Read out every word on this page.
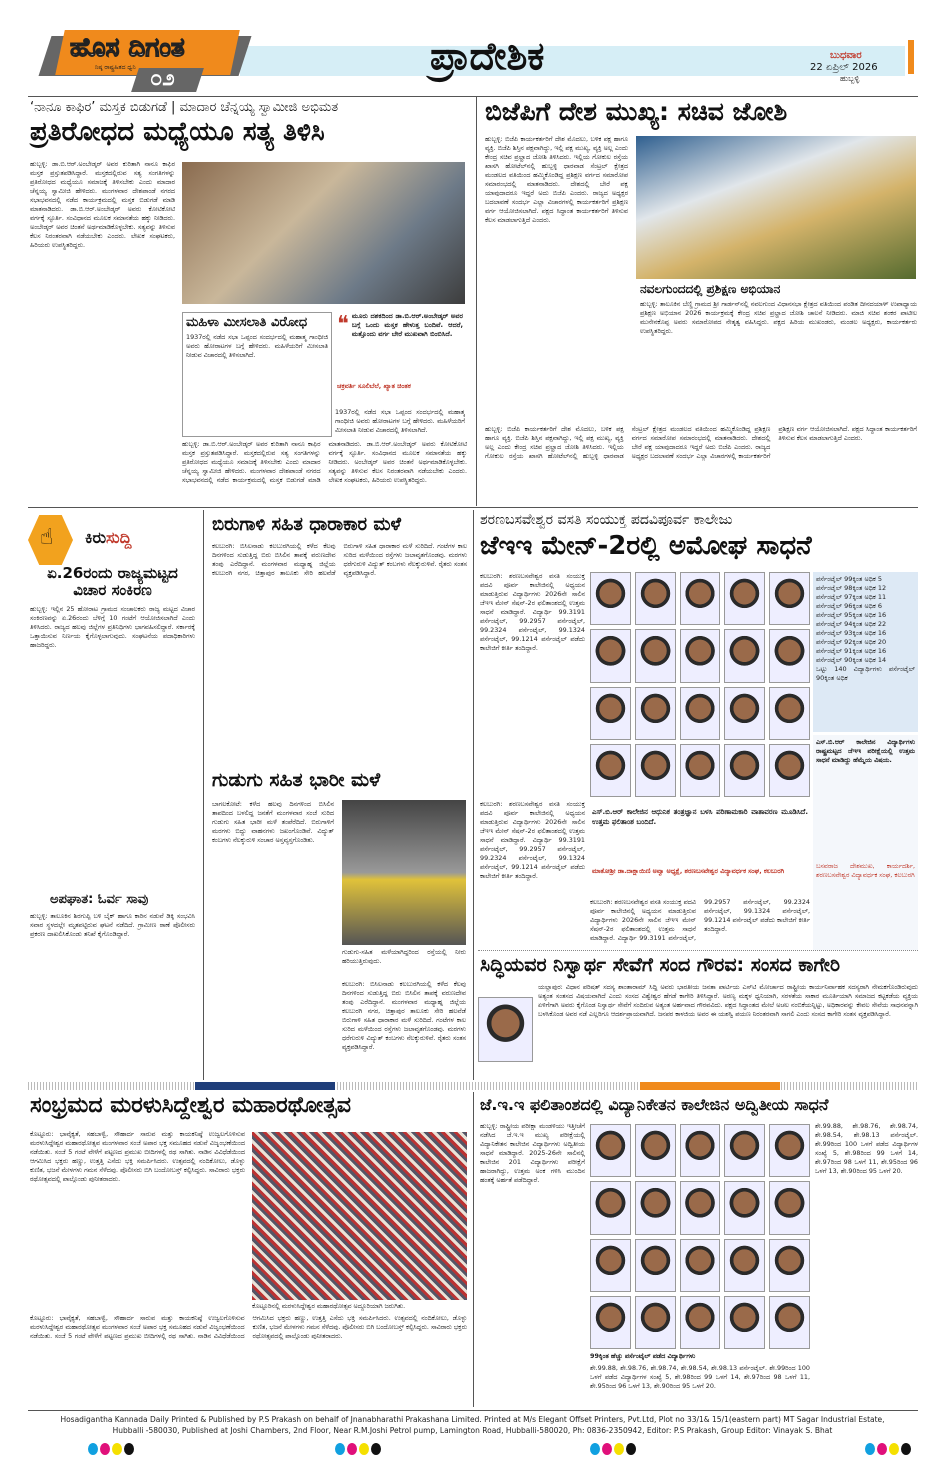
ಹೊಸ ದಿಗಂತ
ನಿಷ್ಠ ರಾಷ್ಟ್ರಹಿತದ ಧ್ವನಿ ೦೨
ಪ್ರಾದೇಶಿಕ	ಬುಧವಾರ
22 ಏಪ್ರಿಲ್ 2026
ಹುಬ್ಬಳ್ಳಿ
‘ನಾನೂ ಕಾಫಿರ’ ಮಸ್ತಕ ಬಿಡುಗಡೆ | ಮಾದಾರ ಚೆನ್ನಯ್ಯ ಸ್ವಾಮೀಜಿ ಅಭಿಮತ
ಪ್ರತಿರೋಧದ ಮಧ್ಯೆಯೂ ಸತ್ಯ ತಿಳಿಸಿ
ಹುಬ್ಬಳ್ಳಿ: ಡಾ.ಬಿ.ಆರ್.ಅಂಬೇಡ್ಕರ್ ಅವರ ಕುರಿತಾಗಿ ನಾನೂ ಕಾಫಿರ ಮಸ್ತಕ ಪ್ರಸ್ತುತಪಡಿಸಿದ್ದಾರೆ. ಮಸ್ತಕದಲ್ಲಿರುವ ಸತ್ಯ ಸಂಗತಿಗಳನ್ನು ಪ್ರತಿರೋಧದ ಮಧ್ಯೆಯೂ ಸಮಾಜಕ್ಕೆ ತಿಳಿಸಬೇಕು ಎಂದು ಮಾದಾರ ಚೆನ್ನಯ್ಯ ಸ್ವಾಮೀಜಿ ಹೇಳಿದರು. ಮಂಗಳವಾರ ದೇಶಪಾಂಡೆ ನಗರದ ಸಭಾಭವನದಲ್ಲಿ ನಡೆದ ಕಾರ್ಯಕ್ರಮದಲ್ಲಿ ಮಸ್ತಕ ಬಿಡುಗಡೆ ಮಾಡಿ ಮಾತನಾಡಿದರು. ಡಾ.ಬಿ.ಆರ್.ಅಂಬೇಡ್ಕರ್ ಅವರು ಕೋಟಿಕೋಟಿ ವರ್ಗಕ್ಕೆ ಸ್ಫೂರ್ತಿ. ಸಂವಿಧಾನದ ಮೂಲಕ ಸಮಾನತೆಯ ಹಕ್ಕು ನೀಡಿದರು. ಅಂಬೇಡ್ಕರ್ ಅವರ ಚಿಂತನೆ ಅರ್ಥಮಾಡಿಕೊಳ್ಳಬೇಕು. ಸತ್ಯವನ್ನು ತಿಳಿಸುವ ಕೆಲಸ ನಿರಂತರವಾಗಿ ನಡೆಯಬೇಕು ಎಂದರು. ಲೇಖಕ ಸಂಘಟಕರು, ಹಿರಿಯರು ಉಪಸ್ಥಿತರಿದ್ದರು.
ಮಹಿಳಾ ಮೀಸಲಾತಿ ವಿರೋಧ
1937ರಲ್ಲಿ ನಡೆದ ಸಭಾ ಒಪ್ಪಂದ ಸಂದರ್ಭದಲ್ಲಿ ಮಹಾತ್ಮ ಗಾಂಧೀಜಿ ಅವರು ಹೋರಾಟಗಳ ಬಗ್ಗೆ ಹೇಳಿದರು. ಮಹಿಳೆಯರಿಗೆ ಮೀಸಲಾತಿ ನೀಡುವ ವಿಚಾರದಲ್ಲಿ ತಿಳಿಸಲಾಗಿದೆ.
❝ ಮೂರು ದಶಕದಿಂದ ಡಾ.ಬಿ.ಆರ್.ಅಂಬೇಡ್ಕರ್ ಅವರ ಬಗ್ಗೆ ಒಂದು ಮಸ್ತಕ ಹೇಳುತ್ತ ಬಂದಿವೆ. ಆದರೆ, ಮತ್ತೊಂದು ವರ್ಗ ಬೇರೆ ಮುಖವಾಗಿ ಬಿಂಬಿಸಿದೆ.
ಚಕ್ರವರ್ತಿ ಸೂಲಿಬೆಲೆ, ಖ್ಯಾತ ಚಿಂತಕ
ಹುಬ್ಬಳ್ಳಿ: ಡಾ.ಬಿ.ಆರ್.ಅಂಬೇಡ್ಕರ್ ಅವರ ಕುರಿತಾಗಿ ನಾನೂ ಕಾಫಿರ ಮಸ್ತಕ ಪ್ರಸ್ತುತಪಡಿಸಿದ್ದಾರೆ. ಮಸ್ತಕದಲ್ಲಿರುವ ಸತ್ಯ ಸಂಗತಿಗಳನ್ನು ಪ್ರತಿರೋಧದ ಮಧ್ಯೆಯೂ ಸಮಾಜಕ್ಕೆ ತಿಳಿಸಬೇಕು ಎಂದು ಮಾದಾರ ಚೆನ್ನಯ್ಯ ಸ್ವಾಮೀಜಿ ಹೇಳಿದರು. ಮಂಗಳವಾರ ದೇಶಪಾಂಡೆ ನಗರದ ಸಭಾಭವನದಲ್ಲಿ ನಡೆದ ಕಾರ್ಯಕ್ರಮದಲ್ಲಿ ಮಸ್ತಕ ಬಿಡುಗಡೆ ಮಾಡಿ ಮಾತನಾಡಿದರು. ಡಾ.ಬಿ.ಆರ್.ಅಂಬೇಡ್ಕರ್ ಅವರು ಕೋಟಿಕೋಟಿ ವರ್ಗಕ್ಕೆ ಸ್ಫೂರ್ತಿ. ಸಂವಿಧಾನದ ಮೂಲಕ ಸಮಾನತೆಯ ಹಕ್ಕು ನೀಡಿದರು. ಅಂಬೇಡ್ಕರ್ ಅವರ ಚಿಂತನೆ ಅರ್ಥಮಾಡಿಕೊಳ್ಳಬೇಕು. ಸತ್ಯವನ್ನು ತಿಳಿಸುವ ಕೆಲಸ ನಿರಂತರವಾಗಿ ನಡೆಯಬೇಕು ಎಂದರು. ಲೇಖಕ ಸಂಘಟಕರು, ಹಿರಿಯರು ಉಪಸ್ಥಿತರಿದ್ದರು.
1937ರಲ್ಲಿ ನಡೆದ ಸಭಾ ಒಪ್ಪಂದ ಸಂದರ್ಭದಲ್ಲಿ ಮಹಾತ್ಮ ಗಾಂಧೀಜಿ ಅವರು ಹೋರಾಟಗಳ ಬಗ್ಗೆ ಹೇಳಿದರು. ಮಹಿಳೆಯರಿಗೆ ಮೀಸಲಾತಿ ನೀಡುವ ವಿಚಾರದಲ್ಲಿ ತಿಳಿಸಲಾಗಿದೆ.
ಬಿಜೆಪಿಗೆ ದೇಶ ಮುಖ್ಯ: ಸಚಿವ ಜೋಶಿ
ಹುಬ್ಬಳ್ಳಿ: ಬಿಜೆಪಿ ಕಾರ್ಯಕರ್ತರಿಗೆ ದೇಶ ಮೊದಲು, ಬಳಿಕ ಪಕ್ಷ ಹಾಗೂ ವ್ಯಕ್ತಿ. ಬಿಜೆಪಿ ಶಿಸ್ತಿನ ಪಕ್ಷವಾಗಿದ್ದು, ಇಲ್ಲಿ ಪಕ್ಷ ಮುಖ್ಯ, ವ್ಯಕ್ತಿ ಅಲ್ಲ ಎಂದು ಕೇಂದ್ರ ಸಚಿವ ಪ್ರಲ್ಹಾದ ಜೋಶಿ ತಿಳಿಸಿದರು. ಇಲ್ಲಿಯ ಗೋಕುಲ ರಸ್ತೆಯ ಖಾಸಗಿ ಹೋಟೆಲ್‌ನಲ್ಲಿ ಹುಬ್ಬಳ್ಳಿ ಧಾರವಾಡ ಸೆಂಟ್ರಲ್ ಕ್ಷೇತ್ರದ ಮಂಡಲದ ವತಿಯಿಂದ ಹಮ್ಮಿಕೊಂಡಿದ್ದ ಪ್ರಶಿಕ್ಷಣ ವರ್ಗದ ಸಮಾರೋಪ ಸಮಾರಂಭದಲ್ಲಿ ಮಾತನಾಡಿದರು. ದೇಶದಲ್ಲಿ ಬೇರೆ ಪಕ್ಷ ಯಾವುದಾದರೂ ಇದ್ದರೆ ಅದು ಬಿಜೆಪಿ ಎಂದರು. ರಾಜ್ಯದ ಅಧ್ಯಕ್ಷರ ಬದಲಾವಣೆ ಸಂದರ್ಭ ಎಲ್ಲಾ ವಿಚಾರಗಳಲ್ಲಿ ಕಾರ್ಯಕರ್ತರಿಗೆ ಪ್ರಶಿಕ್ಷಣ ವರ್ಗ ಆಯೋಜಿಸಲಾಗಿದೆ. ಪಕ್ಷದ ಸಿದ್ಧಾಂತ ಕಾರ್ಯಕರ್ತರಿಗೆ ತಿಳಿಸುವ ಕೆಲಸ ಮಾಡಲಾಗುತ್ತಿದೆ ಎಂದರು.
ನವಲಗುಂದದಲ್ಲಿ ಪ್ರಶಿಕ್ಷಣ ಅಭಿಯಾನ
ಹುಬ್ಬಳ್ಳಿ: ತಾಲೂಕಿನ ಬೆಣ್ಣಿ ಗ್ರಾಮದ ಶ್ರೀ ಗಾರ್ಡನ್‌ನಲ್ಲಿ ನವಲಗುಂದ ವಿಧಾನಸಭಾ ಕ್ಷೇತ್ರದ ವತಿಯಿಂದ ಪಂಡಿತ ದೀನದಯಾಳ್ ಉಪಾಧ್ಯಾಯ ಪ್ರಶಿಕ್ಷಣ ಅಭಿಯಾನ 2026 ಕಾರ್ಯಕ್ರಮಕ್ಕೆ ಕೇಂದ್ರ ಸಚಿವ ಪ್ರಲ್ಹಾದ ಜೋಶಿ ಚಾಲನೆ ನೀಡಿದರು. ಮಾಜಿ ಸಚಿವ ಶಂಕರ ಪಾಟೀಲ ಮುನೇನಕೊಪ್ಪ ಅವರು ಸಮಾರೋಪದ ನೇತೃತ್ವ ವಹಿಸಿದ್ದರು. ಪಕ್ಷದ ಹಿರಿಯ ಮುಖಂಡರು, ಮಂಡಲ ಅಧ್ಯಕ್ಷರು, ಕಾರ್ಯಕರ್ತರು ಉಪಸ್ಥಿತರಿದ್ದರು.
ಹುಬ್ಬಳ್ಳಿ: ಬಿಜೆಪಿ ಕಾರ್ಯಕರ್ತರಿಗೆ ದೇಶ ಮೊದಲು, ಬಳಿಕ ಪಕ್ಷ ಹಾಗೂ ವ್ಯಕ್ತಿ. ಬಿಜೆಪಿ ಶಿಸ್ತಿನ ಪಕ್ಷವಾಗಿದ್ದು, ಇಲ್ಲಿ ಪಕ್ಷ ಮುಖ್ಯ, ವ್ಯಕ್ತಿ ಅಲ್ಲ ಎಂದು ಕೇಂದ್ರ ಸಚಿವ ಪ್ರಲ್ಹಾದ ಜೋಶಿ ತಿಳಿಸಿದರು. ಇಲ್ಲಿಯ ಗೋಕುಲ ರಸ್ತೆಯ ಖಾಸಗಿ ಹೋಟೆಲ್‌ನಲ್ಲಿ ಹುಬ್ಬಳ್ಳಿ ಧಾರವಾಡ ಸೆಂಟ್ರಲ್ ಕ್ಷೇತ್ರದ ಮಂಡಲದ ವತಿಯಿಂದ ಹಮ್ಮಿಕೊಂಡಿದ್ದ ಪ್ರಶಿಕ್ಷಣ ವರ್ಗದ ಸಮಾರೋಪ ಸಮಾರಂಭದಲ್ಲಿ ಮಾತನಾಡಿದರು. ದೇಶದಲ್ಲಿ ಬೇರೆ ಪಕ್ಷ ಯಾವುದಾದರೂ ಇದ್ದರೆ ಅದು ಬಿಜೆಪಿ ಎಂದರು. ರಾಜ್ಯದ ಅಧ್ಯಕ್ಷರ ಬದಲಾವಣೆ ಸಂದರ್ಭ ಎಲ್ಲಾ ವಿಚಾರಗಳಲ್ಲಿ ಕಾರ್ಯಕರ್ತರಿಗೆ ಪ್ರಶಿಕ್ಷಣ ವರ್ಗ ಆಯೋಜಿಸಲಾಗಿದೆ. ಪಕ್ಷದ ಸಿದ್ಧಾಂತ ಕಾರ್ಯಕರ್ತರಿಗೆ ತಿಳಿಸುವ ಕೆಲಸ ಮಾಡಲಾಗುತ್ತಿದೆ ಎಂದರು.
☝ ಕಿರುಸುದ್ದಿ
ಏ.26ರಂದು ರಾಜ್ಯಮಟ್ಟದ ವಿಚಾರ ಸಂಕಿರಣ
ಹುಬ್ಬಳ್ಳಿ: ಇಲ್ಲಿನ 25 ಹೋರಾಟ ಗ್ರಾಮದ ಸಂಚಾಲಕರು ರಾಜ್ಯ ಮಟ್ಟದ ವಿಚಾರ ಸಂಕಿರಣವನ್ನು ಏ.26ರಂದು ಬೆಳಿಗ್ಗೆ 10 ಗಂಟೆಗೆ ಆಯೋಜಿಸಲಾಗಿದೆ ಎಂದು ತಿಳಿಸಿದರು. ರಾಜ್ಯದ ಹಲವು ಜಿಲ್ಲೆಗಳ ಪ್ರತಿನಿಧಿಗಳು ಭಾಗವಹಿಸಲಿದ್ದಾರೆ. ಸರ್ಕಾರಕ್ಕೆ ಒತ್ತಾಯಿಸುವ ನಿರ್ಣಯ ಕೈಗೊಳ್ಳಲಾಗುವುದು. ಸಂಘಟನೆಯ ಪದಾಧಿಕಾರಿಗಳು ಹಾಜರಿದ್ದರು.
ಅಪಘಾತ: ಓರ್ವ ಸಾವು
ಹುಬ್ಬಳ್ಳಿ: ತಾಲೂಕಿನ ಶಿರಗುಪ್ಪಿ ಬಳಿ ಬೈಕ್ ಹಾಗೂ ಕಾರಿನ ನಡುವೆ ಡಿಕ್ಕಿ ಸಂಭವಿಸಿ ಸವಾರ ಸ್ಥಳದಲ್ಲೇ ಮೃತಪಟ್ಟಿರುವ ಘಟನೆ ನಡೆದಿದೆ. ಗ್ರಾಮೀಣ ಠಾಣೆ ಪೊಲೀಸರು ಪ್ರಕರಣ ದಾಖಲಿಸಿಕೊಂಡು ತನಿಖೆ ಕೈಗೊಂಡಿದ್ದಾರೆ.
ಬಿರುಗಾಳಿ ಸಹಿತ ಧಾರಾಕಾರ ಮಳೆ
ಕಲಬುರಗಿ: ಬಿಸಿಲನಾಡು ಕಲಬುರಗಿಯಲ್ಲಿ ಕಳೆದ ಕೆಲವು ದಿನಗಳಿಂದ ಸುಡುತ್ತಿದ್ದ ಬಿರು ಬಿಸಿಲಿನ ತಾಪಕ್ಕೆ ವರುಣದೇವ ತಂಪು ಎರೆದಿದ್ದಾನೆ. ಮಂಗಳವಾರ ಮಧ್ಯಾಹ್ನ ಜಿಲ್ಲೆಯ ಕಲಬುರಗಿ ನಗರ, ಚಿತ್ತಾಪುರ ತಾಲೂಕು ಸೇರಿ ಹಲವೆಡೆ ಬಿರುಗಾಳಿ ಸಹಿತ ಧಾರಾಕಾರ ಮಳೆ ಸುರಿದಿದೆ. ಗಂಟೆಗಳ ಕಾಲ ಸುರಿದ ಮಳೆಯಿಂದ ರಸ್ತೆಗಳು ಜಲಾವೃತಗೊಂಡವು. ಮರಗಳು ಧರೆಗುರುಳಿ ವಿದ್ಯುತ್ ಕಂಬಗಳು ನೆಲಕ್ಕುರುಳಿವೆ. ರೈತರು ಸಂತಸ ವ್ಯಕ್ತಪಡಿಸಿದ್ದಾರೆ.
ಗುಡುಗು ಸಹಿತ ಭಾರೀ ಮಳೆ
ಬಾಗಲಕೋಟೆ: ಕಳೆದ ಹಲವು ದಿನಗಳಿಂದ ಬಿಸಿಲಿನ ತಾಪದಿಂದ ಬಳಲಿದ್ದ ಜನತೆಗೆ ಮಂಗಳವಾರ ಸಂಜೆ ಸುರಿದ ಗುಡುಗು ಸಹಿತ ಭಾರೀ ಮಳೆ ತಂಪೆರೆದಿದೆ. ಬಿರುಗಾಳಿಗೆ ಮರಗಳು ಬಿದ್ದು ವಾಹನಗಳು ಜಖಂಗೊಂಡಿವೆ. ವಿದ್ಯುತ್ ಕಂಬಗಳು ನೆಲಕ್ಕುರುಳಿ ಸಂಚಾರ ಅಸ್ತವ್ಯಸ್ತಗೊಂಡಿತು.
ಗುಡುಗು-ಸಹಿತ ಮಳೆಯಾಗಿದ್ದರಿಂದ ರಸ್ತೆಯಲ್ಲಿ ನೀರು ಹರಿಯುತ್ತಿರುವುದು.
ಕಲಬುರಗಿ: ಬಿಸಿಲನಾಡು ಕಲಬುರಗಿಯಲ್ಲಿ ಕಳೆದ ಕೆಲವು ದಿನಗಳಿಂದ ಸುಡುತ್ತಿದ್ದ ಬಿರು ಬಿಸಿಲಿನ ತಾಪಕ್ಕೆ ವರುಣದೇವ ತಂಪು ಎರೆದಿದ್ದಾನೆ. ಮಂಗಳವಾರ ಮಧ್ಯಾಹ್ನ ಜಿಲ್ಲೆಯ ಕಲಬುರಗಿ ನಗರ, ಚಿತ್ತಾಪುರ ತಾಲೂಕು ಸೇರಿ ಹಲವೆಡೆ ಬಿರುಗಾಳಿ ಸಹಿತ ಧಾರಾಕಾರ ಮಳೆ ಸುರಿದಿದೆ. ಗಂಟೆಗಳ ಕಾಲ ಸುರಿದ ಮಳೆಯಿಂದ ರಸ್ತೆಗಳು ಜಲಾವೃತಗೊಂಡವು. ಮರಗಳು ಧರೆಗುರುಳಿ ವಿದ್ಯುತ್ ಕಂಬಗಳು ನೆಲಕ್ಕುರುಳಿವೆ. ರೈತರು ಸಂತಸ ವ್ಯಕ್ತಪಡಿಸಿದ್ದಾರೆ.
ಶರಣಬಸವೇಶ್ವರ ವಸತಿ ಸಂಯುಕ್ತ ಪದವಿಪೂರ್ವ ಕಾಲೇಜು
ಜೆಇಇ ಮೇನ್-2ರಲ್ಲಿ ಅಮೋಘ ಸಾಧನೆ
ಕಲಬುರಗಿ: ಶರಣಬಸವೇಶ್ವರ ವಸತಿ ಸಂಯುಕ್ತ ಪದವಿ ಪೂರ್ವ ಕಾಲೇಜಿನಲ್ಲಿ ಅಧ್ಯಯನ ಮಾಡುತ್ತಿರುವ ವಿದ್ಯಾರ್ಥಿಗಳು 2026ನೇ ಸಾಲಿನ ಜೆಇಇ ಮೇನ್ ಸೆಷನ್-2ರ ಫಲಿತಾಂಶದಲ್ಲಿ ಉತ್ತಮ ಸಾಧನೆ ಮಾಡಿದ್ದಾರೆ. ವಿದ್ಯಾರ್ಥಿ 99.3191 ಪರ್ಸೆಂಟೈಲ್, 99.2957 ಪರ್ಸೆಂಟೈಲ್, 99.2324 ಪರ್ಸೆಂಟೈಲ್, 99.1324 ಪರ್ಸೆಂಟೈಲ್, 99.1214 ಪರ್ಸೆಂಟೈಲ್ ಪಡೆದು ಕಾಲೇಜಿಗೆ ಕೀರ್ತಿ ತಂದಿದ್ದಾರೆ.
ಪರ್ಸೆಂಟೈಲ್ 99ಕ್ಕಿಂತ ಅಧಿಕ 5
ಪರ್ಸೆಂಟೈಲ್ 98ಕ್ಕಿಂತ ಅಧಿಕ 12
ಪರ್ಸೆಂಟೈಲ್ 97ಕ್ಕಿಂತ ಅಧಿಕ 11
ಪರ್ಸೆಂಟೈಲ್ 96ಕ್ಕಿಂತ ಅಧಿಕ 6
ಪರ್ಸೆಂಟೈಲ್ 95ಕ್ಕಿಂತ ಅಧಿಕ 16
ಪರ್ಸೆಂಟೈಲ್ 94ಕ್ಕಿಂತ ಅಧಿಕ 22
ಪರ್ಸೆಂಟೈಲ್ 93ಕ್ಕಿಂತ ಅಧಿಕ 16
ಪರ್ಸೆಂಟೈಲ್ 92ಕ್ಕಿಂತ ಅಧಿಕ 20
ಪರ್ಸೆಂಟೈಲ್ 91ಕ್ಕಿಂತ ಅಧಿಕ 16
ಪರ್ಸೆಂಟೈಲ್ 90ಕ್ಕಿಂತ ಅಧಿಕ 14
ಒಟ್ಟು 140 ವಿದ್ಯಾರ್ಥಿಗಳು ಪರ್ಸೆಂಟೈಲ್ 90ಕ್ಕಿಂತ ಅಧಿಕ
ಎಸ್.ಬಿ.ಆರ್ ಕಾಲೇಜಿನ ವಿದ್ಯಾರ್ಥಿಗಳು ರಾಷ್ಟ್ರಮಟ್ಟದ ಜೆಇಇ ಪರೀಕ್ಷೆಯಲ್ಲಿ ಉತ್ತಮ ಸಾಧನೆ ಮಾಡಿದ್ದು ಹೆಮ್ಮೆಯ ವಿಷಯ.
ಬಸವರಾಜ ದೇಶಮುಖ, ಕಾರ್ಯದರ್ಶಿ, ಶರಣಬಸವೇಶ್ವರ ವಿದ್ಯಾವರ್ಧಕ ಸಂಘ, ಕಲಬುರಗಿ
ಎಸ್.ಬಿ.ಆರ್ ಕಾಲೇಜಿನ ಆಧುನಿಕ ತಂತ್ರಜ್ಞಾನ ಬಳಸಿ ಪರಿಣಾಮಕಾರಿ ವಾತಾವರಣ ಮೂಡಿಸಿದೆ. ಉತ್ತಮ ಫಲಿತಾಂಶ ಬಂದಿದೆ.
ಮಾತೋಶ್ರೀ ಡಾ.ದಾಕ್ಷಾಯಿಣಿ ಅವ್ವಾ ಅಧ್ಯಕ್ಷೆ, ಶರಣಬಸವೇಶ್ವರ ವಿದ್ಯಾವರ್ಧಕ ಸಂಘ, ಕಲಬುರಗಿ
ಕಲಬುರಗಿ: ಶರಣಬಸವೇಶ್ವರ ವಸತಿ ಸಂಯುಕ್ತ ಪದವಿ ಪೂರ್ವ ಕಾಲೇಜಿನಲ್ಲಿ ಅಧ್ಯಯನ ಮಾಡುತ್ತಿರುವ ವಿದ್ಯಾರ್ಥಿಗಳು 2026ನೇ ಸಾಲಿನ ಜೆಇಇ ಮೇನ್ ಸೆಷನ್-2ರ ಫಲಿತಾಂಶದಲ್ಲಿ ಉತ್ತಮ ಸಾಧನೆ ಮಾಡಿದ್ದಾರೆ. ವಿದ್ಯಾರ್ಥಿ 99.3191 ಪರ್ಸೆಂಟೈಲ್, 99.2957 ಪರ್ಸೆಂಟೈಲ್, 99.2324 ಪರ್ಸೆಂಟೈಲ್, 99.1324 ಪರ್ಸೆಂಟೈಲ್, 99.1214 ಪರ್ಸೆಂಟೈಲ್ ಪಡೆದು ಕಾಲೇಜಿಗೆ ಕೀರ್ತಿ ತಂದಿದ್ದಾರೆ.
ಕಲಬುರಗಿ: ಶರಣಬಸವೇಶ್ವರ ವಸತಿ ಸಂಯುಕ್ತ ಪದವಿ ಪೂರ್ವ ಕಾಲೇಜಿನಲ್ಲಿ ಅಧ್ಯಯನ ಮಾಡುತ್ತಿರುವ ವಿದ್ಯಾರ್ಥಿಗಳು 2026ನೇ ಸಾಲಿನ ಜೆಇಇ ಮೇನ್ ಸೆಷನ್-2ರ ಫಲಿತಾಂಶದಲ್ಲಿ ಉತ್ತಮ ಸಾಧನೆ ಮಾಡಿದ್ದಾರೆ. ವಿದ್ಯಾರ್ಥಿ 99.3191 ಪರ್ಸೆಂಟೈಲ್, 99.2957 ಪರ್ಸೆಂಟೈಲ್, 99.2324 ಪರ್ಸೆಂಟೈಲ್, 99.1324 ಪರ್ಸೆಂಟೈಲ್, 99.1214 ಪರ್ಸೆಂಟೈಲ್ ಪಡೆದು ಕಾಲೇಜಿಗೆ ಕೀರ್ತಿ ತಂದಿದ್ದಾರೆ.
ಸಿದ್ಧಿಯವರ ನಿಸ್ವಾರ್ಥ ಸೇವೆಗೆ ಸಂದ ಗೌರವ: ಸಂಸದ ಕಾಗೇರಿ
ಯಲ್ಲಾಪುರ: ವಿಧಾನ ಪರಿಷತ್ ಸದಸ್ಯ ಶಾಂತಾರಾಮ್ ಸಿದ್ದಿ ಅವರು ಭಾರತೀಯ ಜನತಾ ಪಾರ್ಟಿಯ ಎಸ್‌ಟಿ ಮೋರ್ಚಾದ ರಾಷ್ಟ್ರೀಯ ಕಾರ್ಯನಿರ್ವಾಹಕ ಸದಸ್ಯರಾಗಿ ನೇಮಕಗೊಂಡಿರುವುದು ಅತ್ಯಂತ ಸಂತಸದ ವಿಷಯವಾಗಿದೆ ಎಂದು ಸಂಸದ ವಿಶ್ವೇಶ್ವರ ಹೆಗಡೆ ಕಾಗೇರಿ ತಿಳಿಸಿದ್ದಾರೆ. ಅರಣ್ಯ ಮಕ್ಕಳ ಧ್ವನಿಯಾಗಿ, ಸರಳತೆಯ ಸಾಕಾರ ಮೂರ್ತಿಯಾಗಿ ಸಮಾಜದ ಕಟ್ಟಕಡೆಯ ವ್ಯಕ್ತಿಯ ಏಳಿಗೆಗಾಗಿ ಅವರು ಕೈಗೊಂಡ ನಿಸ್ವಾರ್ಥ ಸೇವೆಗೆ ಸಂದಿರುವ ಅತ್ಯಂತ ಅರ್ಹವಾದ ಗೌರವವಿದು. ಪಕ್ಷದ ಸಿದ್ಧಾಂತದ ಮೇಲೆ ಅಚಲ ನಂಬಿಕೆಯನ್ನಿಟ್ಟು, ಅಧಿಕಾರವನ್ನು ಕೇವಲ ಸೇವೆಯ ಸಾಧನವನ್ನಾಗಿ ಬಳಸಿಕೊಂಡ ಅವರ ನಡೆ ಎಲ್ಲರಿಗೂ ಆದರ್ಶಪ್ರಾಯವಾಗಿದೆ. ಜನಪರ ಕಾಳಜಿಯ ಅವರ ಈ ಯಶಸ್ವಿ ಪಯಣ ನಿರಂತರವಾಗಿ ಸಾಗಲಿ ಎಂದು ಸಂಸದ ಕಾಗೇರಿ ಸಂತಸ ವ್ಯಕ್ತಪಡಿಸಿದ್ದಾರೆ.
ಸಂಭ್ರಮದ ಮರಳುಸಿದ್ದೇಶ್ವರ ಮಹಾರಥೋತ್ಸವ
ಕೊಟ್ಟೂರು: ಭಾವೈಕ್ಯತೆ, ಸಹಬಾಳ್ವೆ, ಸೌಹಾರ್ದ ಸಾರುವ ಮತ್ತು ಕಾಯಕನಿಷ್ಠೆ ಉಜ್ವಲಗೊಳಿಸುವ ಮರಳುಸಿದ್ದೇಶ್ವರ ಮಹಾರಥೋತ್ಸವ ಮಂಗಳವಾರ ಸಂಜೆ ಅಪಾರ ಭಕ್ತ ಸಮೂಹದ ನಡುವೆ ವಿಜೃಂಭಣೆಯಿಂದ ನಡೆಯಿತು. ಸಂಜೆ 5 ಗಂಟೆ ವೇಳೆಗೆ ಪಟ್ಟಣದ ಪ್ರಮುಖ ಬೀದಿಗಳಲ್ಲಿ ರಥ ಸಾಗಿತು. ನಾಡಿನ ವಿವಿಧೆಡೆಯಿಂದ ಆಗಮಿಸಿದ ಭಕ್ತರು ಹಣ್ಣು, ಉತ್ತತ್ತಿ ಎಸೆದು ಭಕ್ತಿ ಸಮರ್ಪಿಸಿದರು. ಉತ್ಸವದಲ್ಲಿ ನಂದಿಕೋಲು, ಡೊಳ್ಳು ಕುಣಿತ, ಭಜನೆ ಮೇಳಗಳು ಗಮನ ಸೆಳೆದವು. ಪೊಲೀಸರು ಬಿಗಿ ಬಂದೋಬಸ್ತ್ ಕಲ್ಪಿಸಿದ್ದರು. ಸಾವಿರಾರು ಭಕ್ತರು ರಥೋತ್ಸವದಲ್ಲಿ ಪಾಲ್ಗೊಂಡು ಪುನೀತರಾದರು.
ಕೊಟ್ಟೂರಿನಲ್ಲಿ ಮರಳುಸಿದ್ದೇಶ್ವರ ಮಹಾರಥೋತ್ಸವ ಅದ್ದೂರಿಯಾಗಿ ಜರುಗಿತು.
ಕೊಟ್ಟೂರು: ಭಾವೈಕ್ಯತೆ, ಸಹಬಾಳ್ವೆ, ಸೌಹಾರ್ದ ಸಾರುವ ಮತ್ತು ಕಾಯಕನಿಷ್ಠೆ ಉಜ್ವಲಗೊಳಿಸುವ ಮರಳುಸಿದ್ದೇಶ್ವರ ಮಹಾರಥೋತ್ಸವ ಮಂಗಳವಾರ ಸಂಜೆ ಅಪಾರ ಭಕ್ತ ಸಮೂಹದ ನಡುವೆ ವಿಜೃಂಭಣೆಯಿಂದ ನಡೆಯಿತು. ಸಂಜೆ 5 ಗಂಟೆ ವೇಳೆಗೆ ಪಟ್ಟಣದ ಪ್ರಮುಖ ಬೀದಿಗಳಲ್ಲಿ ರಥ ಸಾಗಿತು. ನಾಡಿನ ವಿವಿಧೆಡೆಯಿಂದ ಆಗಮಿಸಿದ ಭಕ್ತರು ಹಣ್ಣು, ಉತ್ತತ್ತಿ ಎಸೆದು ಭಕ್ತಿ ಸಮರ್ಪಿಸಿದರು. ಉತ್ಸವದಲ್ಲಿ ನಂದಿಕೋಲು, ಡೊಳ್ಳು ಕುಣಿತ, ಭಜನೆ ಮೇಳಗಳು ಗಮನ ಸೆಳೆದವು. ಪೊಲೀಸರು ಬಿಗಿ ಬಂದೋಬಸ್ತ್ ಕಲ್ಪಿಸಿದ್ದರು. ಸಾವಿರಾರು ಭಕ್ತರು ರಥೋತ್ಸವದಲ್ಲಿ ಪಾಲ್ಗೊಂಡು ಪುನೀತರಾದರು.
ಜೆ.ಇ.ಇ ಫಲಿತಾಂಶದಲ್ಲಿ ವಿದ್ಯಾನಿಕೇತನ ಕಾಲೇಜಿನ ಅದ್ವಿತೀಯ ಸಾಧನೆ
ಹುಬ್ಬಳ್ಳಿ: ರಾಷ್ಟ್ರೀಯ ಪರೀಕ್ಷಾ ಮಂಡಳಿಯು ಇತ್ತೀಚೆಗೆ ನಡೆಸಿದ ಜೆ.ಇ.ಇ ಮುಖ್ಯ ಪರೀಕ್ಷೆಯಲ್ಲಿ ವಿದ್ಯಾನಿಕೇತನ ಕಾಲೇಜಿನ ವಿದ್ಯಾರ್ಥಿಗಳು ಅದ್ವಿತೀಯ ಸಾಧನೆ ಮಾಡಿದ್ದಾರೆ. 2025-26ನೇ ಸಾಲಿನಲ್ಲಿ ಕಾಲೇಜಿನ 201 ವಿದ್ಯಾರ್ಥಿಗಳು ಪರೀಕ್ಷೆಗೆ ಹಾಜರಾಗಿದ್ದು, ಉತ್ತಮ ಅಂಕ ಗಳಿಸಿ ಮುಂದಿನ ಹಂತಕ್ಕೆ ಅರ್ಹತೆ ಪಡೆದಿದ್ದಾರೆ.
99ಕ್ಕಿಂತ ಹೆಚ್ಚು ಪರ್ಸೆಂಟೈಲ್ ಪಡೆದ ವಿದ್ಯಾರ್ಥಿಗಳು
ಶೇ.99.88, ಶೇ.98.76, ಶೇ.98.74, ಶೇ.98.54, ಶೇ.98.13 ಪರ್ಸೆಂಟೈಲ್. ಶೇ.99ರಿಂದ 100 ಒಳಗೆ ಪಡೆದ ವಿದ್ಯಾರ್ಥಿಗಳ ಸಂಖ್ಯೆ 5, ಶೇ.98ರಿಂದ 99 ಒಳಗೆ 14, ಶೇ.97ರಿಂದ 98 ಒಳಗೆ 11, ಶೇ.95ರಿಂದ 96 ಒಳಗೆ 13, ಶೇ.90ರಿಂದ 95 ಒಳಗೆ 20.
ಶೇ.99.88, ಶೇ.98.76, ಶೇ.98.74, ಶೇ.98.54, ಶೇ.98.13 ಪರ್ಸೆಂಟೈಲ್. ಶೇ.99ರಿಂದ 100 ಒಳಗೆ ಪಡೆದ ವಿದ್ಯಾರ್ಥಿಗಳ ಸಂಖ್ಯೆ 5, ಶೇ.98ರಿಂದ 99 ಒಳಗೆ 14, ಶೇ.97ರಿಂದ 98 ಒಳಗೆ 11, ಶೇ.95ರಿಂದ 96 ಒಳಗೆ 13, ಶೇ.90ರಿಂದ 95 ಒಳಗೆ 20.
Hosadigantha Kannada Daily Printed & Published by P.S Prakash on behalf of Jnanabharathi Prakashana Limited. Printed at M/s Elegant Offset Printers, Pvt.Ltd, Plot no 33/1& 15/1(eastern part) MT Sagar Industrial Estate,
Hubballi -580030, Published at Joshi Chambers, 2nd Floor, Near R.M.Joshi Petrol pump, Lamington Road, Hubballi-580020, Ph: 0836-2350942, Editor: P.S Prakash, Group Editor: Vinayak S. Bhat
